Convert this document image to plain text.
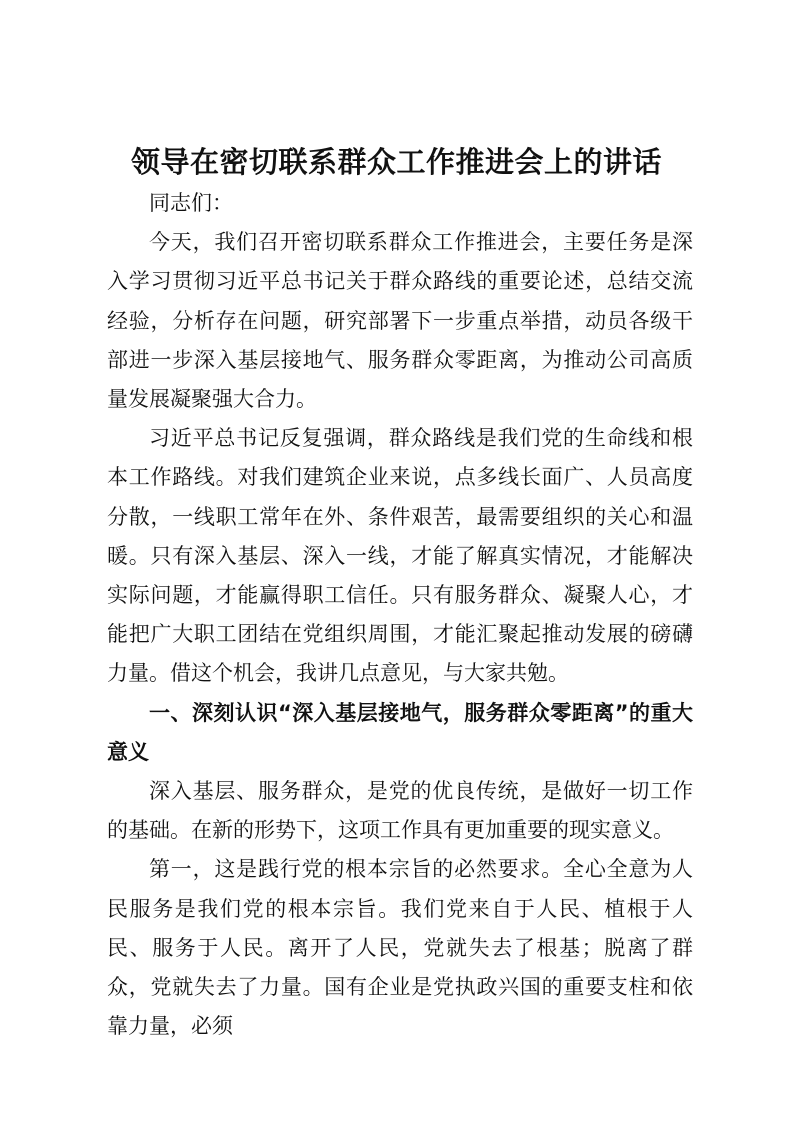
领导在密切联系群众工作推进会上的讲话

同志们：

今天，我们召开密切联系群众工作推进会，主要任务是深入学习贯彻习近平总书记关于群众路线的重要论述，总结交流经验，分析存在问题，研究部署下一步重点举措，动员各级干部进一步深入基层接地气、服务群众零距离，为推动公司高质量发展凝聚强大合力。

习近平总书记反复强调，群众路线是我们党的生命线和根本工作路线。对我们建筑企业来说，点多线长面广、人员高度分散，一线职工常年在外、条件艰苦，最需要组织的关心和温暖。只有深入基层、深入一线，才能了解真实情况，才能解决实际问题，才能赢得职工信任。只有服务群众、凝聚人心，才能把广大职工团结在党组织周围，才能汇聚起推动发展的磅礴力量。借这个机会，我讲几点意见，与大家共勉。

一、深刻认识“深入基层接地气，服务群众零距离”的重大意义

深入基层、服务群众，是党的优良传统，是做好一切工作的基础。在新的形势下，这项工作具有更加重要的现实意义。

第一，这是践行党的根本宗旨的必然要求。全心全意为人民服务是我们党的根本宗旨。我们党来自于人民、植根于人民、服务于人民。离开了人民，党就失去了根基；脱离了群众，党就失去了力量。国有企业是党执政兴国的重要支柱和依靠力量，必须
